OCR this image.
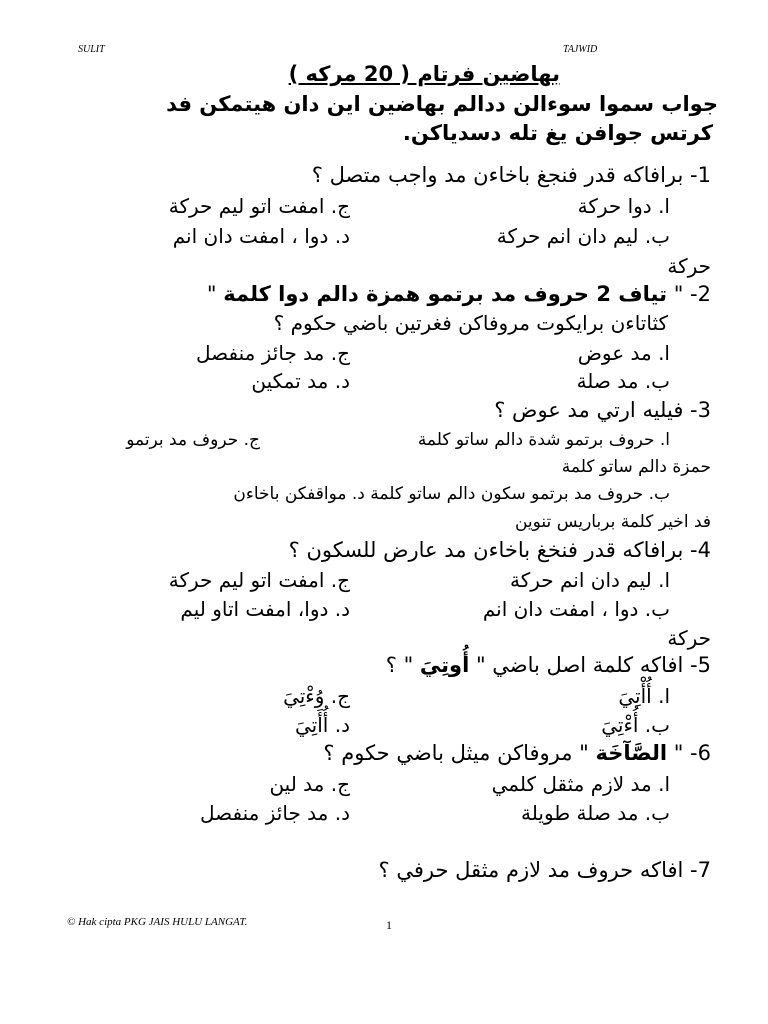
SULIT	TAJWID
بهاضين فرتام ( 20 مركه )
جواب سموا سوءالن ددالم بهاضين اين دان هيتمكن فد
كرتس جوافن يغ تله دسدياكن.
1- برافاكه قدر فنجغ باخاءن مد واجب متصل ؟
ا. دوا حركة
ج. امفت اتو ليم حركة
ب. ليم دان انم حركة
د. دوا ، امفت دان انم
حركة
2- " تياف 2 حروف مد برتمو همزة دالم دوا كلمة "
كثاتاءن برايكوت مروفاكن فغرتين باضي حكوم ؟
ا. مد عوض
ج. مد جائز منفصل
ب. مد صلة
د. مد تمكين
3- فيليه ارتي مد عوض ؟
ا. حروف برتمو شدة دالم ساتو كلمة
ج. حروف مد برتمو
حمزة دالم ساتو كلمة
ب. حروف مد برتمو سكون دالم ساتو كلمة د. مواقفكن باخاءن
فد اخير كلمة برباريس تنوين
4- برافاكه قدر فنخغ باخاءن مد عارض للسكون ؟
ا. ليم دان انم حركة
ج. امفت اتو ليم حركة
ب. دوا ، امفت دان انم
د. دوا، امفت اتاو ليم
حركة
5- افاكه كلمة اصل باضي " أُوتِيَ " ؟
ا. أُأْتِيَ
ج. وُءْتِيَ
ب. أُءْتِيَ
د. أُأَتِيَ
6- " الصَّآخَة " مروفاكن ميثل باضي حكوم ؟
ا. مد لازم مثقل كلمي
ج. مد لين
ب. مد صلة طويلة
د. مد جائز منفصل
7- افاكه حروف مد لازم مثقل حرفي ؟
© Hak cipta PKG JAIS HULU LANGAT.	1
